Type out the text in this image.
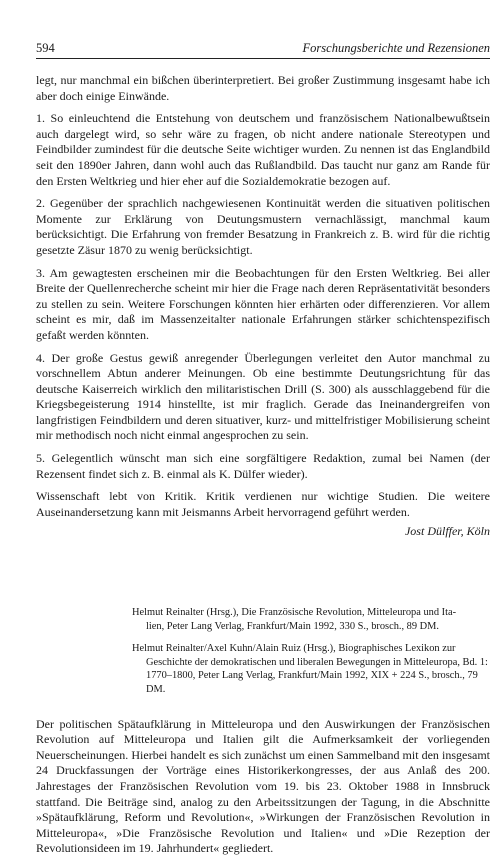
594	Forschungsberichte und Rezensionen

legt, nur manchmal ein bißchen überinterpretiert. Bei großer Zustimmung insgesamt habe ich aber doch einige Einwände.

1. So einleuchtend die Entstehung von deutschem und französischem Nationalbewußtsein auch dargelegt wird, so sehr wäre zu fragen, ob nicht andere nationale Stereotypen und Feindbilder zumindest für die deutsche Seite wichtiger wurden. Zu nennen ist das Englandbild seit den 1890er Jahren, dann wohl auch das Rußlandbild. Das taucht nur ganz am Rande für den Ersten Weltkrieg und hier eher auf die Sozialdemokratie bezogen auf.

2. Gegenüber der sprachlich nachgewiesenen Kontinuität werden die situativen politischen Momente zur Erklärung von Deutungsmustern vernachlässigt, manchmal kaum berücksichtigt. Die Erfahrung von fremder Besatzung in Frankreich z. B. wird für die richtig gesetzte Zäsur 1870 zu wenig berücksichtigt.

3. Am gewagtesten erscheinen mir die Beobachtungen für den Ersten Weltkrieg. Bei aller Breite der Quellenrecherche scheint mir hier die Frage nach deren Repräsentativität besonders zu stellen zu sein. Weitere Forschungen könnten hier erhärten oder differenzieren. Vor allem scheint es mir, daß im Massenzeitalter nationale Erfahrungen stärker schichtenspezifisch gefaßt werden könnten.

4. Der große Gestus gewiß anregender Überlegungen verleitet den Autor manchmal zu vorschnellem Abtun anderer Meinungen. Ob eine bestimmte Deutungsrichtung für das deutsche Kaiserreich wirklich den militaristischen Drill (S. 300) als ausschlaggebend für die Kriegsbegeisterung 1914 hinstellte, ist mir fraglich. Gerade das Ineinandergreifen von langfristigen Feindbildern und deren situativer, kurz- und mittelfristiger Mobilisierung scheint mir methodisch noch nicht einmal angesprochen zu sein.

5. Gelegentlich wünscht man sich eine sorgfältigere Redaktion, zumal bei Namen (der Rezensent findet sich z. B. einmal als K. Dülfer wieder).

Wissenschaft lebt von Kritik. Kritik verdienen nur wichtige Studien. Die weitere Auseinandersetzung kann mit Jeismanns Arbeit hervorragend geführt werden.

Jost Dülffer, Köln
Helmut Reinalter (Hrsg.), Die Französische Revolution, Mitteleuropa und Ita-
lien, Peter Lang Verlag, Frankfurt/Main 1992, 330 S., brosch., 89 DM.
Helmut Reinalter/Axel Kuhn/Alain Ruiz (Hrsg.), Biographisches Lexikon zur
Geschichte der demokratischen und liberalen Bewegungen in Mitteleuropa, Bd. 1: 1770–1800, Peter Lang Verlag, Frankfurt/Main 1992, XIX + 224 S., brosch., 79 DM.

Der politischen Spätaufklärung in Mitteleuropa und den Auswirkungen der Französischen Revolution auf Mitteleuropa und Italien gilt die Aufmerksamkeit der vorliegenden Neuerscheinungen. Hierbei handelt es sich zunächst um einen Sammelband mit den insgesamt 24 Druckfassungen der Vorträge eines Historikerkongresses, der aus Anlaß des 200. Jahrestages der Französischen Revolution vom 19. bis 23. Oktober 1988 in Innsbruck stattfand. Die Beiträge sind, analog zu den Arbeitssitzungen der Tagung, in die Abschnitte »Spätaufklärung, Reform und Revolution«, »Wirkungen der Französischen Revolution in Mitteleuropa«, »Die Französische Revolution und Italien« und »Die Rezeption der Revolutionsideen im 19. Jahrhundert« gegliedert.
